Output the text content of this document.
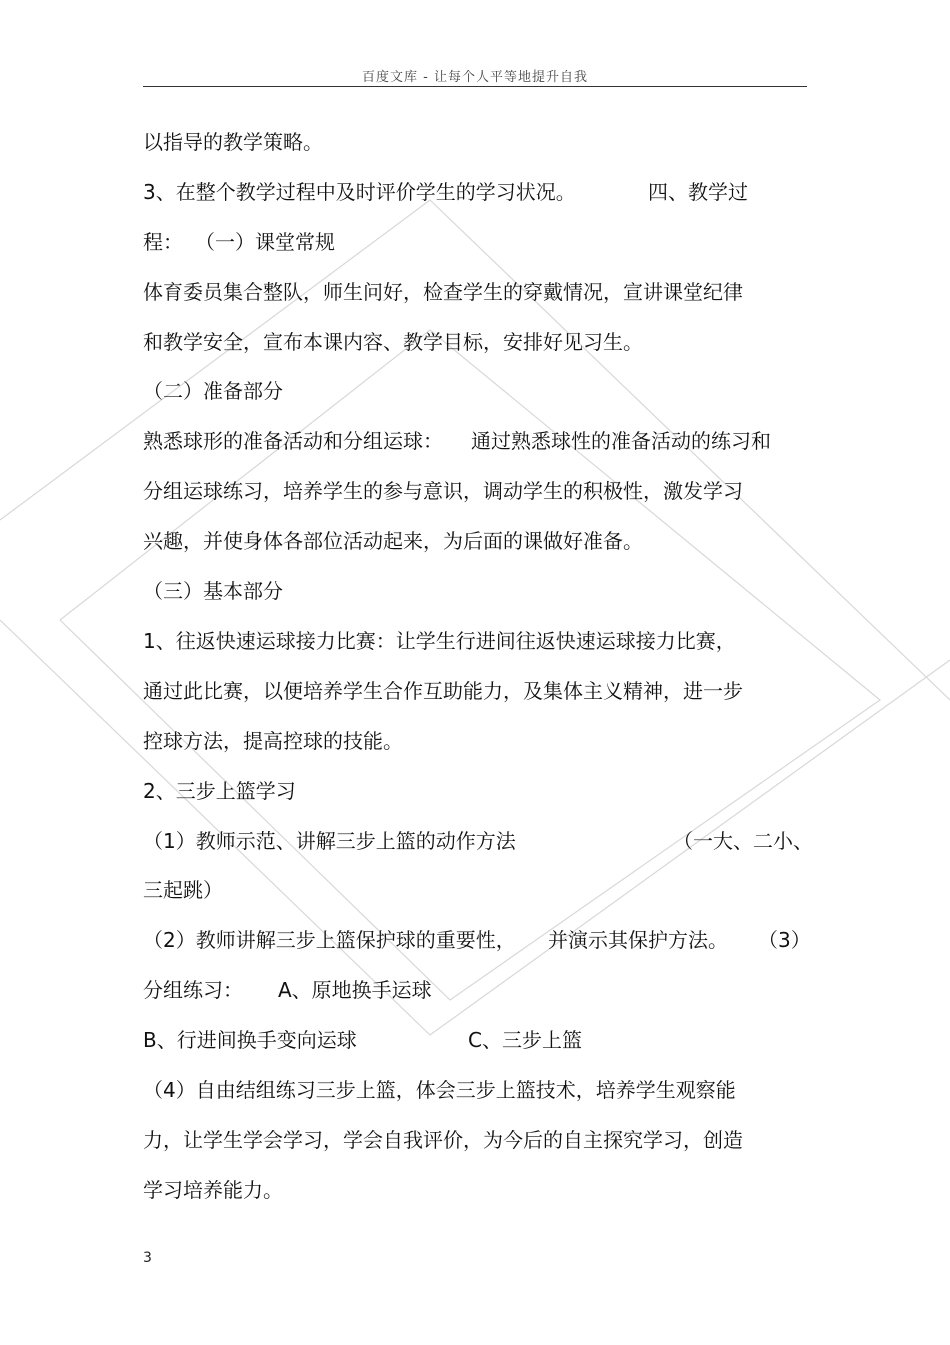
百度文库 - 让每个人平等地提升自我
以指导的教学策略。
3、在整个教学过程中及时评价学生的学习状况。	四、教学过
程： （一）课堂常规
体育委员集合整队，师生问好，检查学生的穿戴情况，宣讲课堂纪律
和教学安全，宣布本课内容、教学目标，安排好见习生。
（二）准备部分
熟悉球形的准备活动和分组运球： 通过熟悉球性的准备活动的练习和
分组运球练习，培养学生的参与意识，调动学生的积极性，激发学习
兴趣，并使身体各部位活动起来，为后面的课做好准备。
（三）基本部分
1、往返快速运球接力比赛：让学生行进间往返快速运球接力比赛，
通过此比赛，以便培养学生合作互助能力，及集体主义精神，进一步
控球方法，提高控球的技能。
2、三步上篮学习
（1）教师示范、讲解三步上篮的动作方法	（一大、二小、
三起跳）
（2）教师讲解三步上篮保护球的重要性， 并演示其保护方法。 （3）
分组练习： A、原地换手运球
B、行进间换手变向运球	C、三步上篮
（4）自由结组练习三步上篮，体会三步上篮技术，培养学生观察能
力，让学生学会学习，学会自我评价，为今后的自主探究学习，创造
学习培养能力。
3
